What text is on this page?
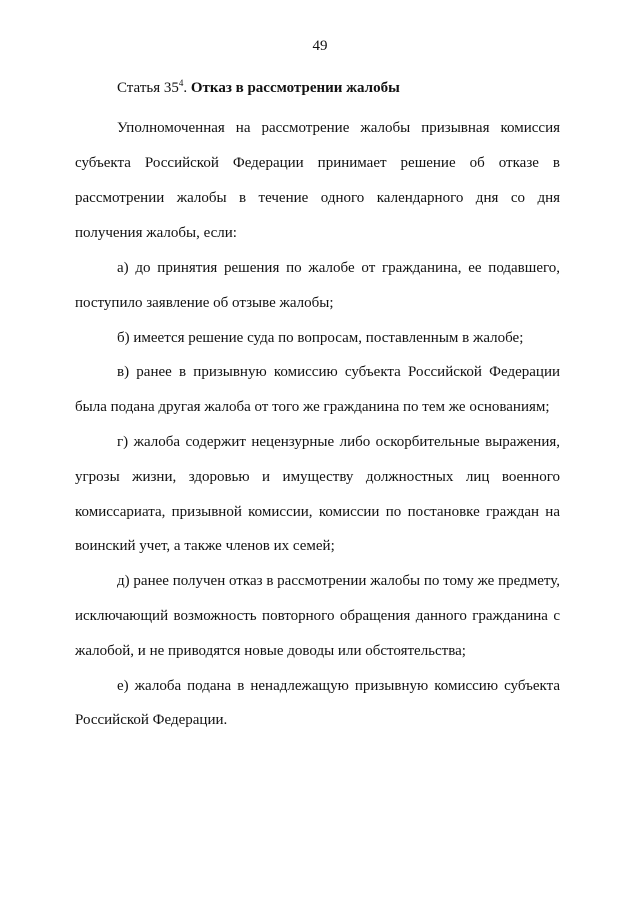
49
Статья $35^4$. Отказ в рассмотрении жалобы
Уполномоченная на рассмотрение жалобы призывная комиссия
субъекта Российской Федерации принимает решение об отказе в
рассмотрении жалобы в течение одного календарного дня со дня
получения жалобы, если:
а) до принятия решения по жалобе от гражданина, ее подавшего,
поступило заявление об отзыве жалобы;
б) имеется решение суда по вопросам, поставленным в жалобе;
в) ранее в призывную комиссию субъекта Российской Федерации
была подана другая жалоба от того же гражданина по тем же основаниям;
г) жалоба содержит нецензурные либо оскорбительные выражения,
угрозы жизни, здоровью и имуществу должностных лиц военного
комиссариата, призывной комиссии, комиссии по постановке граждан на
воинский учет, а также членов их семей;
д) ранее получен отказ в рассмотрении жалобы по тому же предмету,
исключающий возможность повторного обращения данного гражданина с
жалобой, и не приводятся новые доводы или обстоятельства;
е) жалоба подана в ненадлежащую призывную комиссию субъекта
Российской Федерации.
